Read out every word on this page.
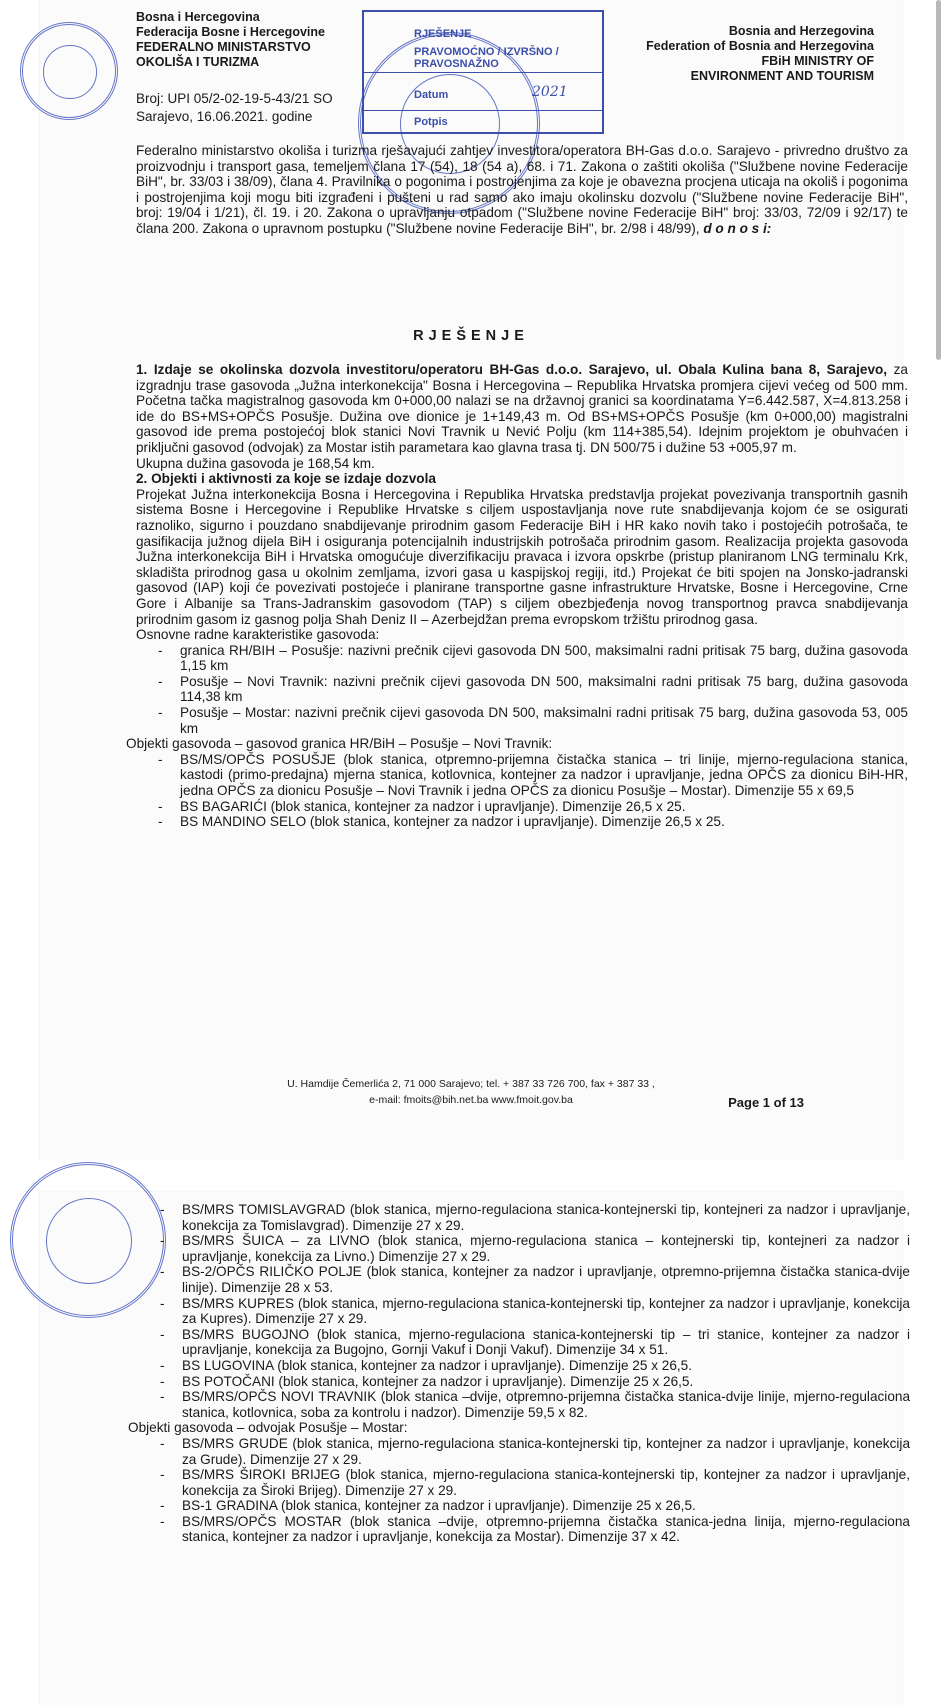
Bosna i Hercegovina
Federacija Bosne i Hercegovine
FEDERALNO MINISTARSTVO
OKOLIŠA I TURIZMA
Bosnia and Herzegovina
Federation of Bosnia and Herzegovina
FBiH MINISTRY OF
ENVIRONMENT AND TOURISM
RJEŠENJE
PRAVOMOĆNO / IZVRŠNO / PRAVOSNAŽNO
Datum	2021
Potpis
Broj: UPI 05/2-02-19-5-43/21 SO
Sarajevo, 16.06.2021. godine
Federalno ministarstvo okoliša i turizma rješavajući zahtjev investitora/operatora BH-Gas d.o.o. Sarajevo - privredno društvo za proizvodnju i transport gasa, temeljem člana 17 (54), 18 (54 a), 68. i 71. Zakona o zaštiti okoliša ("Službene novine Federacije BiH", br. 33/03 i 38/09), člana 4. Pravilnika o pogonima i postrojenjima za koje je obavezna procjena uticaja na okoliš i pogonima i postrojenjima koji mogu biti izgrađeni i pušteni u rad samo ako imaju okolinsku dozvolu ("Službene novine Federacije BiH", broj: 19/04 i 1/21), čl. 19. i 20. Zakona o upravljanju otpadom ("Službene novine Federacije BiH" broj: 33/03, 72/09 i 92/17) te člana 200. Zakona o upravnom postupku ("Službene novine Federacije BiH", br. 2/98 i 48/99), d o n o s i:
RJEŠENJE

1. Izdaje se okolinska dozvola investitoru/operatoru BH-Gas d.o.o. Sarajevo, ul. Obala Kulina bana 8, Sarajevo, za izgradnju trase gasovoda „Južna interkonekcija" Bosna i Hercegovina – Republika Hrvatska promjera cijevi većeg od 500 mm. Početna tačka magistralnog gasovoda km 0+000,00 nalazi se na državnoj granici sa koordinatama Y=6.442.587, X=4.813.258 i ide do BS+MS+OPČS Posušje. Dužina ove dionice je 1+149,43 m. Od BS+MS+OPČS Posušje (km 0+000,00) magistralni gasovod ide prema postojećoj blok stanici Novi Travnik u Nević Polju (km 114+385,54). Idejnim projektom je obuhvaćen i priključni gasovod (odvojak) za Mostar istih parametara kao glavna trasa tj. DN 500/75 i dužine 53 +005,97 m.

Ukupna dužina gasovoda je 168,54 km.

2. Objekti i aktivnosti za koje se izdaje dozvola

Projekat Južna interkonekcija Bosna i Hercegovina i Republika Hrvatska predstavlja projekat povezivanja transportnih gasnih sistema Bosne i Hercegovine i Republike Hrvatske s ciljem uspostavljanja nove rute snabdijevanja kojom će se osigurati raznoliko, sigurno i pouzdano snabdijevanje prirodnim gasom Federacije BiH i HR kako novih tako i postojećih potrošača, te gasifikacija južnog dijela BiH i osiguranja potencijalnih industrijskih potrošača prirodnim gasom. Realizacija projekta gasovoda Južna interkonekcija BiH i Hrvatska omogućuje diverzifikaciju pravaca i izvora opskrbe (pristup planiranom LNG terminalu Krk, skladišta prirodnog gasa u okolnim zemljama, izvori gasa u kaspijskoj regiji, itd.) Projekat će biti spojen na Jonsko-jadranski gasovod (IAP) koji će povezivati postojeće i planirane transportne gasne infrastrukture Hrvatske, Bosne i Hercegovine, Crne Gore i Albanije sa Trans-Jadranskim gasovodom (TAP) s ciljem obezbjeđenja novog transportnog pravca snabdijevanja prirodnim gasom iz gasnog polja Shah Deniz II – Azerbejdžan prema evropskom tržištu prirodnog gasa.

Osnovne radne karakteristike gasovoda:

- granica RH/BIH – Posušje: nazivni prečnik cijevi gasovoda DN 500, maksimalni radni pritisak 75 barg, dužina gasovoda 1,15 km
- Posušje – Novi Travnik: nazivni prečnik cijevi gasovoda DN 500, maksimalni radni pritisak 75 barg, dužina gasovoda 114,38 km
- Posušje – Mostar: nazivni prečnik cijevi gasovoda DN 500, maksimalni radni pritisak 75 barg, dužina gasovoda 53, 005 km

Objekti gasovoda – gasovod granica HR/BiH – Posušje – Novi Travnik:

- BS/MS/OPČS POSUŠJE (blok stanica, otpremno-prijemna čistačka stanica – tri linije, mjerno-regulaciona stanica, kastodi (primo-predajna) mjerna stanica, kotlovnica, kontejner za nadzor i upravljanje, jedna OPČS za dionicu BiH-HR, jedna OPČS za dionicu Posušje – Novi Travnik i jedna OPČS za dionicu Posušje – Mostar). Dimenzije 55 x 69,5
- BS BAGARIĆI (blok stanica, kontejner za nadzor i upravljanje). Dimenzije 26,5 x 25.
- BS MANDINO SELO (blok stanica, kontejner za nadzor i upravljanje). Dimenzije 26,5 x 25.
U. Hamdije Čemerlića 2, 71 000 Sarajevo; tel. + 387 33 726 700, fax + 387 33 ,
e-mail: fmoits@bih.net.ba www.fmoit.gov.ba	Page 1 of 13
- BS/MRS TOMISLAVGRAD (blok stanica, mjerno-regulaciona stanica-kontejnerski tip, kontejneri za nadzor i upravljanje, konekcija za Tomislavgrad). Dimenzije 27 x 29.
- BS/MRS ŠUICA – za LIVNO (blok stanica, mjerno-regulaciona stanica – kontejnerski tip, kontejneri za nadzor i upravljanje, konekcija za Livno.) Dimenzije 27 x 29.
- BS-2/OPČS RILIČKO POLJE (blok stanica, kontejner za nadzor i upravljanje, otpremno-prijemna čistačka stanica-dvije linije). Dimenzije 28 x 53.
- BS/MRS KUPRES (blok stanica, mjerno-regulaciona stanica-kontejnerski tip, kontejner za nadzor i upravljanje, konekcija za Kupres). Dimenzije 27 x 29.
- BS/MRS BUGOJNO (blok stanica, mjerno-regulaciona stanica-kontejnerski tip – tri stanice, kontejner za nadzor i upravljanje, konekcija za Bugojno, Gornji Vakuf i Donji Vakuf). Dimenzije 34 x 51.
- BS LUGOVINA (blok stanica, kontejner za nadzor i upravljanje). Dimenzije 25 x 26,5.
- BS POTOČANI (blok stanica, kontejner za nadzor i upravljanje). Dimenzije 25 x 26,5.
- BS/MRS/OPČS NOVI TRAVNIK (blok stanica –dvije, otpremno-prijemna čistačka stanica-dvije linije, mjerno-regulaciona stanica, kotlovnica, soba za kontrolu i nadzor). Dimenzije 59,5 x 82.

Objekti gasovoda – odvojak Posušje – Mostar:

- BS/MRS GRUDE (blok stanica, mjerno-regulaciona stanica-kontejnerski tip, kontejner za nadzor i upravljanje, konekcija za Grude). Dimenzije 27 x 29.
- BS/MRS ŠIROKI BRIJEG (blok stanica, mjerno-regulaciona stanica-kontejnerski tip, kontejner za nadzor i upravljanje, konekcija za Široki Brijeg). Dimenzije 27 x 29.
- BS-1 GRADINA (blok stanica, kontejner za nadzor i upravljanje). Dimenzije 25 x 26,5.
- BS/MRS/OPČS MOSTAR (blok stanica –dvije, otpremno-prijemna čistačka stanica-jedna linija, mjerno-regulaciona stanica, kontejner za nadzor i upravljanje, konekcija za Mostar). Dimenzije 37 x 42.
